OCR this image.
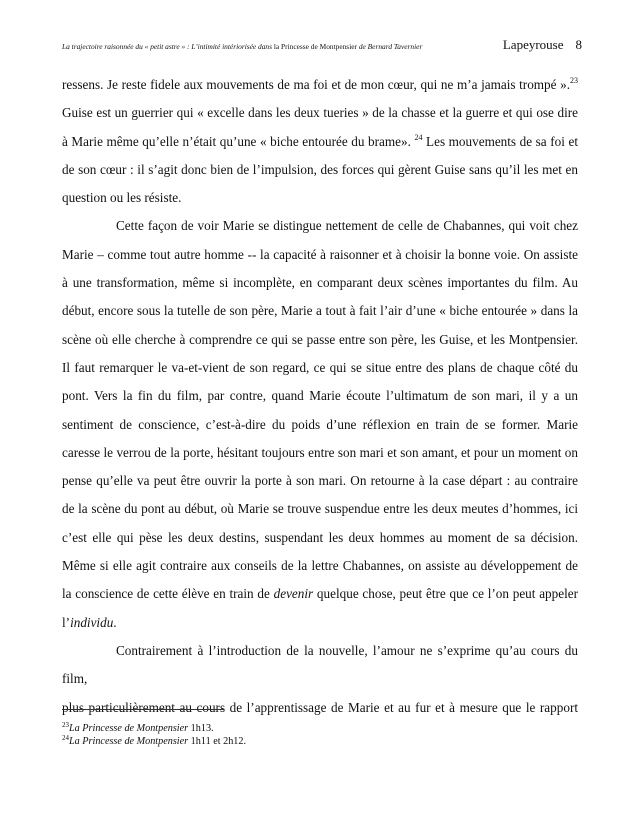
La trajectoire raisonnée du « petit astre » : L’intimité intériorisée dans la Princesse de Montpensier de Bernard Tavernier	Lapeyrouse 8

ressens. Je reste fidele aux mouvements de ma foi et de mon cœur, qui ne m’a jamais trompé ».$^{23}$

Guise est un guerrier qui « excelle dans les deux tueries » de la chasse et la guerre et qui ose dire

à Marie même qu’elle n’était qu’une « biche entourée du brame». $^{24}$ Les mouvements de sa foi et

de son cœur : il s’agit donc bien de l’impulsion, des forces qui gèrent Guise sans qu’il les met en

question ou les résiste.

Cette façon de voir Marie se distingue nettement de celle de Chabannes, qui voit chez

Marie – comme tout autre homme -- la capacité à raisonner et à choisir la bonne voie. On assiste

à une transformation, même si incomplète, en comparant deux scènes importantes du film. Au

début, encore sous la tutelle de son père, Marie a tout à fait l’air d’une « biche entourée » dans la

scène où elle cherche à comprendre ce qui se passe entre son père, les Guise, et les Montpensier.

Il faut remarquer le va-et-vient de son regard, ce qui se situe entre des plans de chaque côté du

pont. Vers la fin du film, par contre, quand Marie écoute l’ultimatum de son mari, il y a un

sentiment de conscience, c’est-à-dire du poids d’une réflexion en train de se former. Marie

caresse le verrou de la porte, hésitant toujours entre son mari et son amant, et pour un moment on

pense qu’elle va peut être ouvrir la porte à son mari. On retourne à la case départ : au contraire

de la scène du pont au début, où Marie se trouve suspendue entre les deux meutes d’hommes, ici

c’est elle qui pèse les deux destins, suspendant les deux hommes au moment de sa décision.

Même si elle agit contraire aux conseils de la lettre Chabannes, on assiste au développement de

la conscience de cette élève en train de devenir quelque chose, peut être que ce l’on peut appeler

l’individu.

Contrairement à l’introduction de la nouvelle, l’amour ne s’exprime qu’au cours du film,

plus particulièrement au cours de l’apprentissage de Marie et au fur et à mesure que le rapport

$^{23}$La Princesse de Montpensier 1h13.
$^{24}$La Princesse de Montpensier 1h11 et 2h12.
